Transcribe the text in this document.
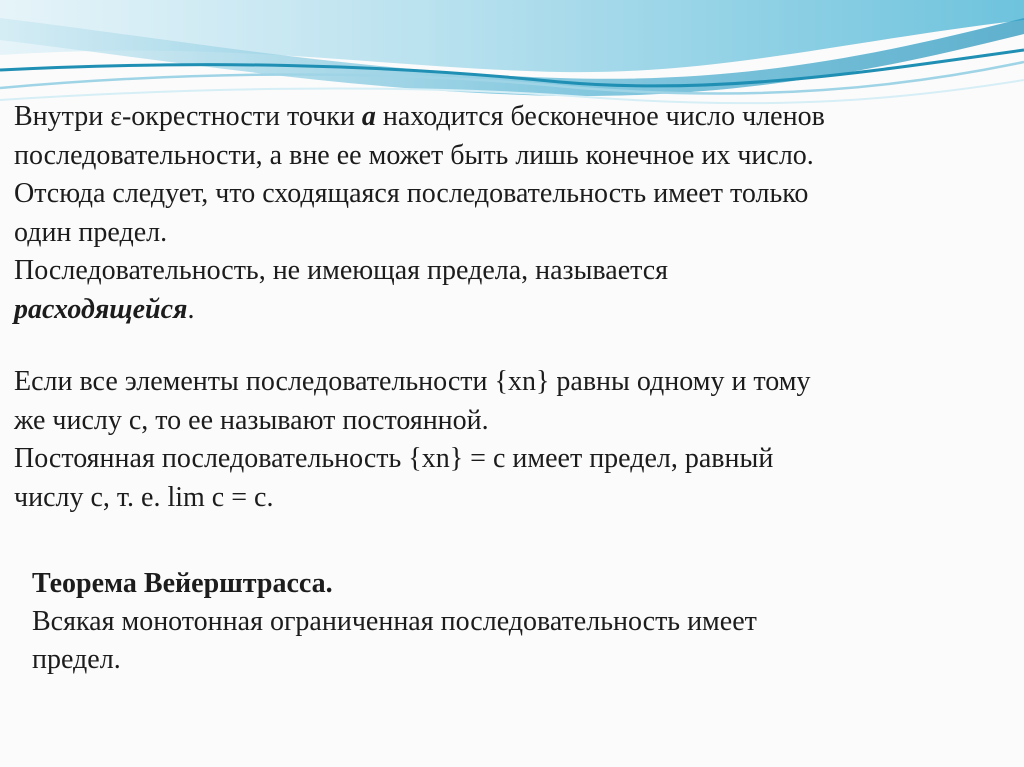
Внутри ε-окрестности точки а находится бесконечное число членов
последовательности, а вне ее может быть лишь конечное их число.
Отсюда следует, что сходящаяся последовательность имеет только
один предел.
Последовательность, не имеющая предела, называется
расходящейся.
Если все элементы последовательности {xn} равны одному и тому
же числу с, то ее называют постоянной.
Постоянная последовательность {xn} = с имеет предел, равный
числу с, т. е. lim с = с.
Теорема Вейерштрасса.
Всякая монотонная ограниченная последовательность имеет
предел.
